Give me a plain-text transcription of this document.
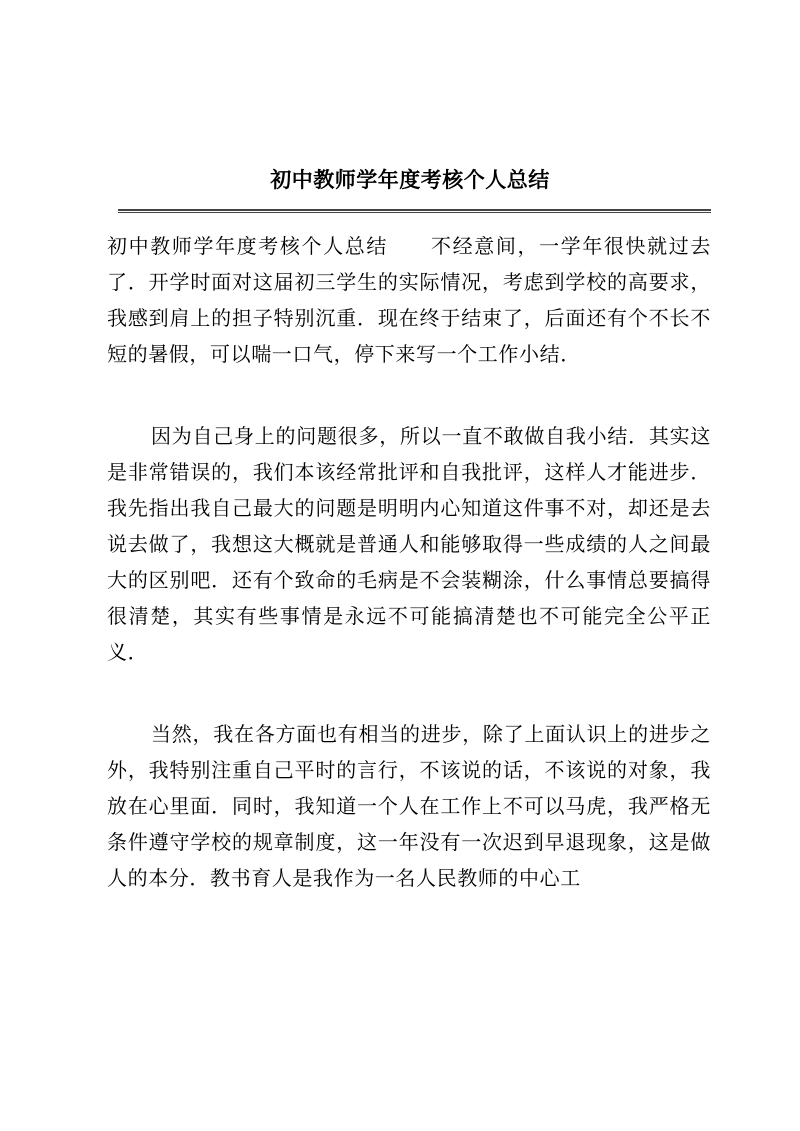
初中教师学年度考核个人总结

初中教师学年度考核个人总结 不经意间，一学年很快就过去了．开学时面对这届初三学生的实际情况，考虑到学校的高要求，我感到肩上的担子特别沉重．现在终于结束了，后面还有个不长不短的暑假，可以喘一口气，停下来写一个工作小结．

因为自己身上的问题很多，所以一直不敢做自我小结．其实这是非常错误的，我们本该经常批评和自我批评，这样人才能进步．我先指出我自己最大的问题是明明内心知道这件事不对，却还是去说去做了，我想这大概就是普通人和能够取得一些成绩的人之间最大的区别吧．还有个致命的毛病是不会装糊涂，什么事情总要搞得很清楚，其实有些事情是永远不可能搞清楚也不可能完全公平正义．

当然，我在各方面也有相当的进步，除了上面认识上的进步之外，我特别注重自己平时的言行，不该说的话，不该说的对象，我放在心里面．同时，我知道一个人在工作上不可以马虎，我严格无条件遵守学校的规章制度，这一年没有一次迟到早退现象，这是做人的本分．教书育人是我作为一名人民教师的中心工
